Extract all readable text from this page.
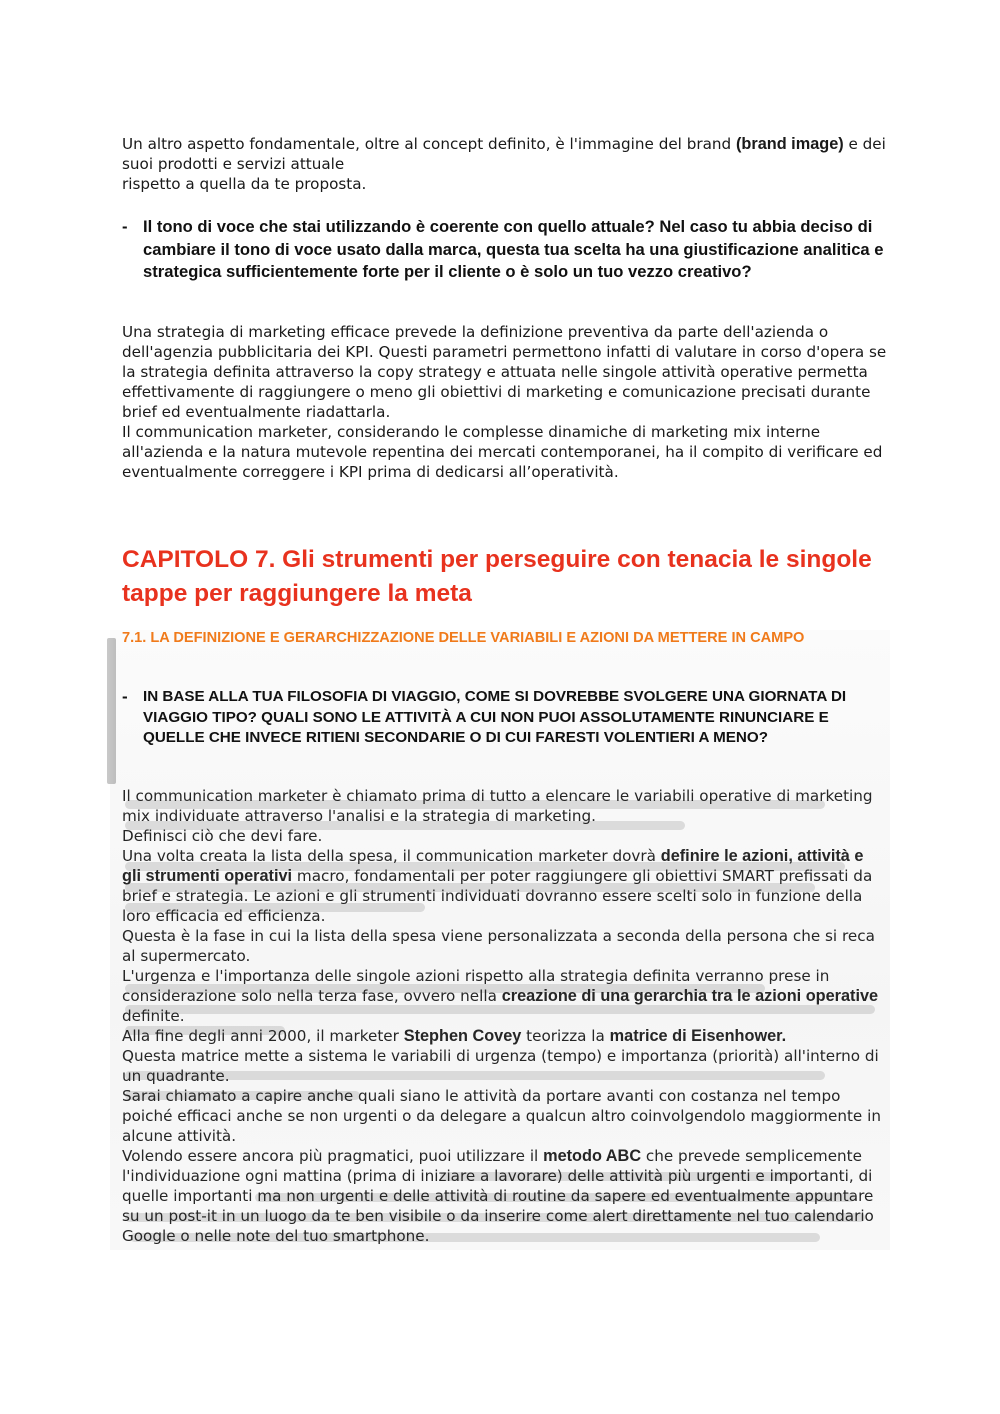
Un altro aspetto fondamentale, oltre al concept definito, è l'immagine del brand (brand image) e dei suoi prodotti e servizi attuale
rispetto a quella da te proposta.
- Il tono di voce che stai utilizzando è coerente con quello attuale? Nel caso tu abbia deciso di cambiare il tono di voce usato dalla marca, questa tua scelta ha una giustificazione analitica e strategica sufficientemente forte per il cliente o è solo un tuo vezzo creativo?
Una strategia di marketing efficace prevede la definizione preventiva da parte dell'azienda o dell'agenzia pubblicitaria dei KPI. Questi parametri permettono infatti di valutare in corso d'opera se la strategia definita attraverso la copy strategy e attuata nelle singole attività operative permetta effettivamente di raggiungere o meno gli obiettivi di marketing e comunicazione precisati durante brief ed eventualmente riadattarla.
Il communication marketer, considerando le complesse dinamiche di marketing mix interne all'azienda e la natura mutevole repentina dei mercati contemporanei, ha il compito di verificare ed eventualmente correggere i KPI prima di dedicarsi all’operatività.
CAPITOLO 7. Gli strumenti per perseguire con tenacia le singole tappe per raggiungere la meta
7.1. LA DEFINIZIONE E GERARCHIZZAZIONE DELLE VARIABILI E AZIONI DA METTERE IN CAMPO
- IN BASE ALLA TUA FILOSOFIA DI VIAGGIO, COME SI DOVREBBE SVOLGERE UNA GIORNATA DI VIAGGIO TIPO? QUALI SONO LE ATTIVITÀ A CUI NON PUOI ASSOLUTAMENTE RINUNCIARE E QUELLE CHE INVECE RITIENI SECONDARIE O DI CUI FARESTI VOLENTIERI A MENO?
Il communication marketer è chiamato prima di tutto a elencare le variabili operative di marketing mix individuate attraverso l'analisi e la strategia di marketing.
Definisci ciò che devi fare.
Una volta creata la lista della spesa, il communication marketer dovrà definire le azioni, attività e gli strumenti operativi macro, fondamentali per poter raggiungere gli obiettivi SMART prefissati da brief e strategia. Le azioni e gli strumenti individuati dovranno essere scelti solo in funzione della loro efficacia ed efficienza.
Questa è la fase in cui la lista della spesa viene personalizzata a seconda della persona che si reca al supermercato.
L'urgenza e l'importanza delle singole azioni rispetto alla strategia definita verranno prese in considerazione solo nella terza fase, ovvero nella creazione di una gerarchia tra le azioni operative definite.
Alla fine degli anni 2000, il marketer Stephen Covey teorizza la matrice di Eisenhower.
Questa matrice mette a sistema le variabili di urgenza (tempo) e importanza (priorità) all'interno di un quadrante.
Sarai chiamato a capire anche quali siano le attività da portare avanti con costanza nel tempo poiché efficaci anche se non urgenti o da delegare a qualcun altro coinvolgendolo maggiormente in alcune attività.
Volendo essere ancora più pragmatici, puoi utilizzare il metodo ABC che prevede semplicemente l'individuazione ogni mattina (prima di iniziare a lavorare) delle attività più urgenti e importanti, di quelle importanti ma non urgenti e delle attività di routine da sapere ed eventualmente appuntare su un post-it in un luogo da te ben visibile o da inserire come alert direttamente nel tuo calendario Google o nelle note del tuo smartphone.
